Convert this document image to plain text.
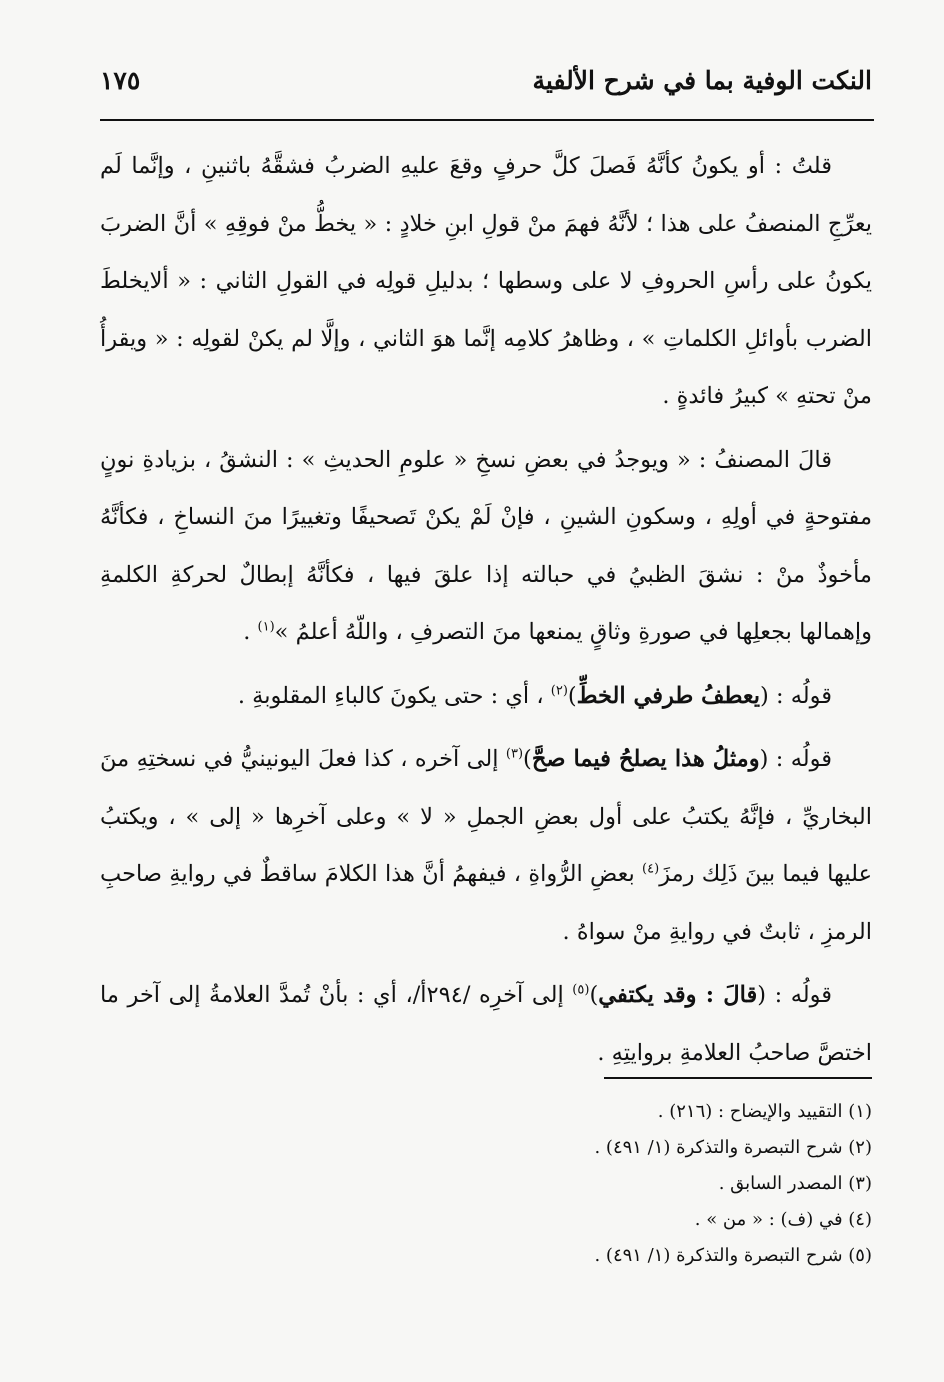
النكت الوفية بما في شرح الألفية
١٧٥

قلتُ : أو يكونُ كأنَّهُ فَصلَ كلَّ حرفٍ وقعَ عليهِ الضربُ فشقَّهُ باثنينِ ، وإنَّما لَم يعرِّجِ المنصفُ على هذا ؛ لأنَّهُ فهمَ منْ قولِ ابنِ خلادٍ : « يخطُّ منْ فوقِهِ » أنَّ الضربَ يكونُ على رأسِ الحروفِ لا على وسطها ؛ بدليلِ قولِه في القولِ الثاني : « ألايخلطَ الضرب بأوائلِ الكلماتِ » ، وظاهرُ كلامِه إنَّما هوَ الثاني ، وإلَّا لم يكنْ لقولِه : « ويقرأُ منْ تحتهِ » كبيرُ فائدةٍ .

قالَ المصنفُ : « ويوجدُ في بعضِ نسخِ « علومِ الحديثِ » : النشقُ ، بزيادةِ نونٍ مفتوحةٍ في أولِهِ ، وسكونِ الشينِ ، فإنْ لَمْ يكنْ تَصحيفًا وتغييرًا منَ النساخِ ، فكأنَّهُ مأخوذٌ منْ : نشقَ الظبيُ في حبالته إذا علقَ فيها ، فكأنَّهُ إبطالٌ لحركةِ الكلمةِ وإهمالها بجعلِها في صورةِ وثاقٍ يمنعها منَ التصرفِ ، واللّهُ أعلمُ »$^{(١)}$ .

قولُه : (يعطفُ طرفي الخطِّ)$^{(٢)}$ ، أي : حتى يكونَ كالباءِ المقلوبةِ .

قولُه : (ومثلُ هذا يصلحُ فيما صحَّ)$^{(٣)}$ إلى آخره ، كذا فعلَ اليونينيُّ في نسختِهِ منَ البخاريِّ ، فإنَّهُ يكتبُ على أول بعضِ الجملِ « لا » وعلى آخرِها « إلى » ، ويكتبُ عليها فيما بينَ ذَلِك رمزَ$^{(٤)}$ بعضِ الرُّواةِ ، فيفهمُ أنَّ هذا الكلامَ ساقطٌ في روايةِ صاحبِ الرمزِ ، ثابتٌ في روايةِ منْ سواهُ .

قولُه : (قالَ : وقد يكتفي)$^{(٥)}$ إلى آخرِه /٢٩٤أ/، أي : بأنْ تُمدَّ العلامةُ إلى آخر ما اختصَّ صاحبُ العلامةِ بروايتِهِ .

(١) التقييد والإيضاح : (٢١٦) .

(٢) شرح التبصرة والتذكرة (١/ ٤٩١) .

(٣) المصدر السابق .

(٤) في (ف) : « من » .

(٥) شرح التبصرة والتذكرة (١/ ٤٩١) .
